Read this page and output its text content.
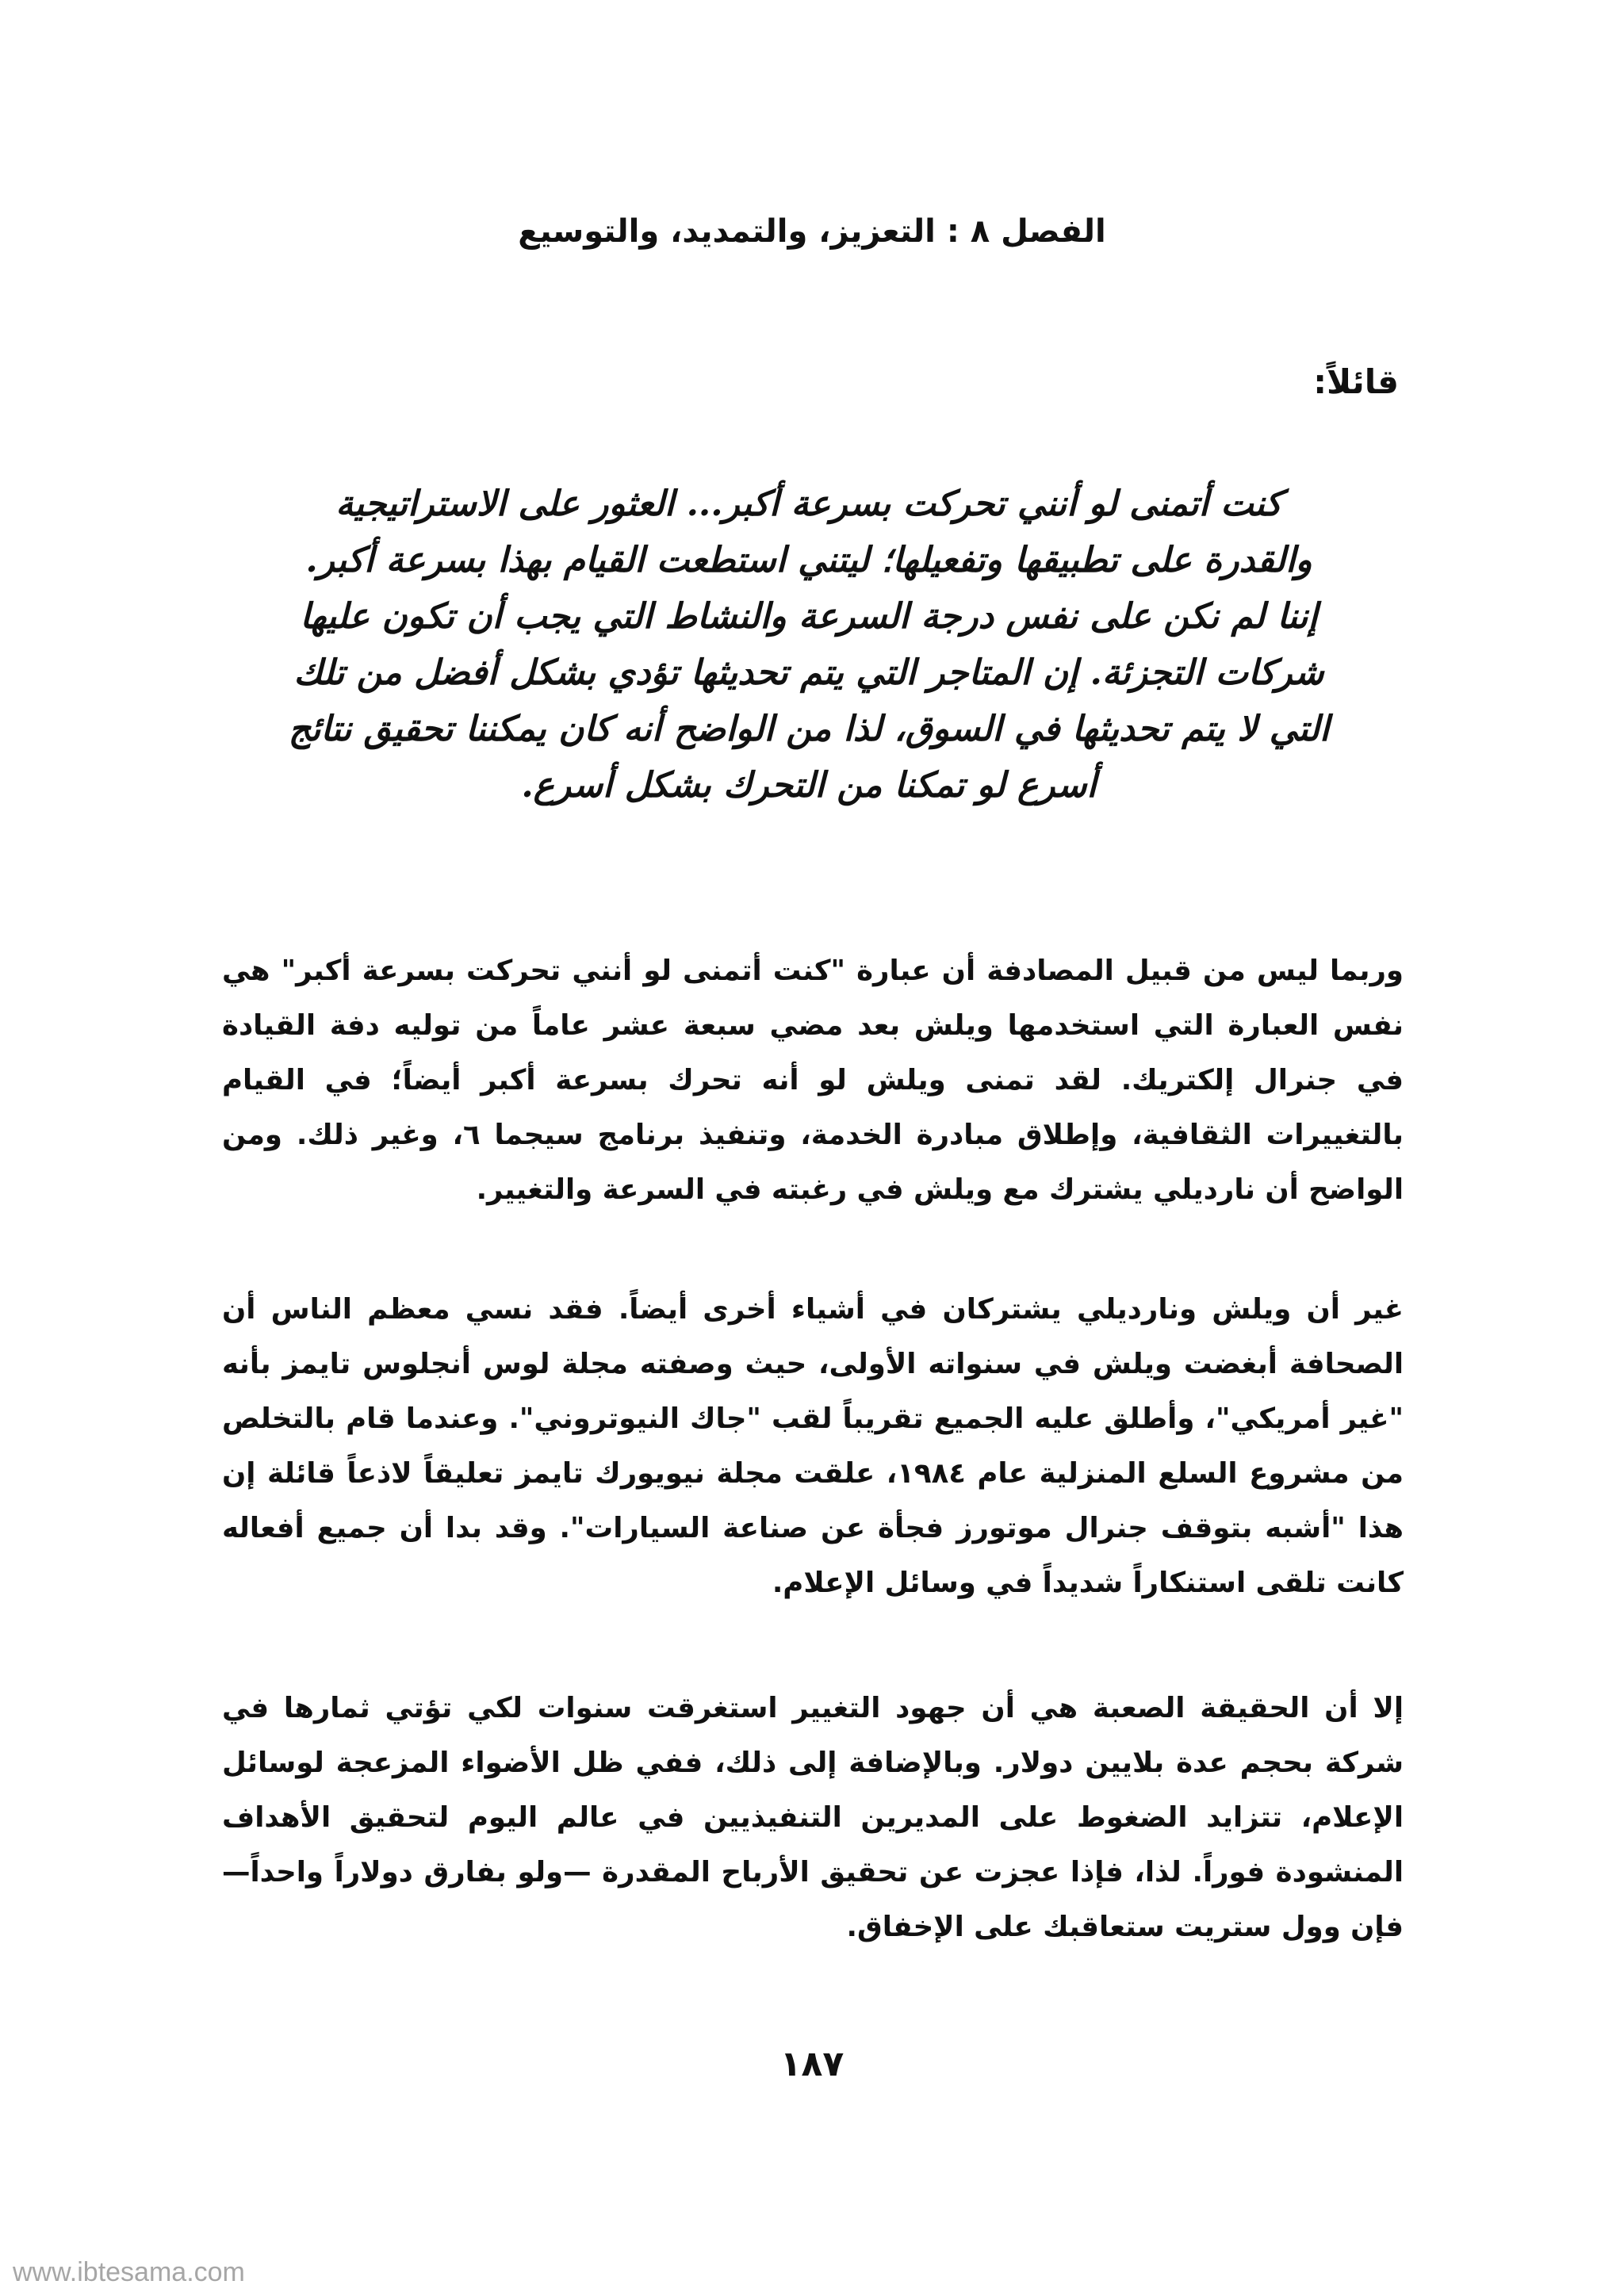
الفصل ٨ : التعزيز، والتمديد، والتوسيع
قائلاً:
كنت أتمنى لو أنني تحركت بسرعة أكبر... العثور على الاستراتيجية والقدرة على تطبيقها وتفعيلها؛ ليتني استطعت القيام بهذا بسرعة أكبر. إننا لم نكن على نفس درجة السرعة والنشاط التي يجب أن تكون عليها شركات التجزئة. إن المتاجر التي يتم تحديثها تؤدي بشكل أفضل من تلك التي لا يتم تحديثها في السوق، لذا من الواضح أنه كان يمكننا تحقيق نتائج أسرع لو تمكنا من التحرك بشكل أسرع.
وربما ليس من قبيل المصادفة أن عبارة "كنت أتمنى لو أنني تحركت بسرعة أكبر" هي نفس العبارة التي استخدمها ويلش بعد مضي سبعة عشر عاماً من توليه دفة القيادة في جنرال إلكتريك. لقد تمنى ويلش لو أنه تحرك بسرعة أكبر أيضاً؛ في القيام بالتغييرات الثقافية، وإطلاق مبادرة الخدمة، وتنفيذ برنامج سيجما ٦، وغير ذلك. ومن الواضح أن نارديلي يشترك مع ويلش في رغبته في السرعة والتغيير.
غير أن ويلش وناردیلي يشتركان في أشياء أخرى أيضاً. فقد نسي معظم الناس أن الصحافة أبغضت ويلش في سنواته الأولى، حيث وصفته مجلة لوس أنجلوس تايمز بأنه "غير أمريكي"، وأطلق عليه الجميع تقريباً لقب "جاك النيوتروني". وعندما قام بالتخلص من مشروع السلع المنزلية عام ١٩٨٤، علقت مجلة نيويورك تايمز تعليقاً لاذعاً قائلة إن هذا "أشبه بتوقف جنرال موتورز فجأة عن صناعة السيارات". وقد بدا أن جميع أفعاله كانت تلقى استنكاراً شديداً في وسائل الإعلام.
إلا أن الحقيقة الصعبة هي أن جهود التغيير استغرقت سنوات لكي تؤتي ثمارها في شركة بحجم عدة بلايين دولار. وبالإضافة إلى ذلك، ففي ظل الأضواء المزعجة لوسائل الإعلام، تتزايد الضغوط على المديرين التنفيذيين في عالم اليوم لتحقيق الأهداف المنشودة فوراً. لذا، فإذا عجزت عن تحقيق الأرباح المقدرة —ولو بفارق دولاراً واحداً— فإن وول ستريت ستعاقبك على الإخفاق.
١٨٧
www.ibtesama.com
